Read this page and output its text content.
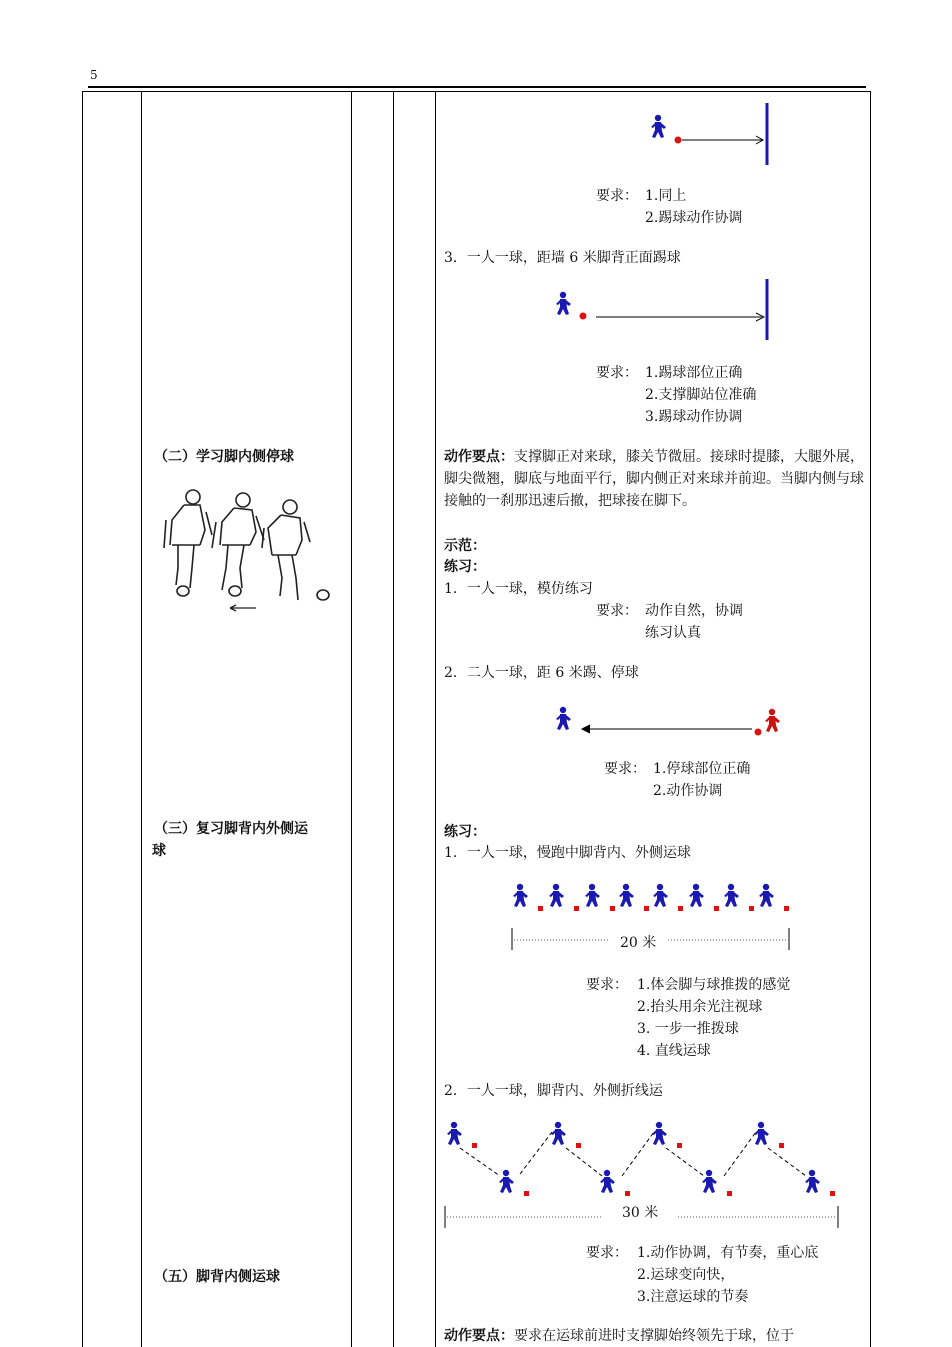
5
（二）学习脚内侧停球
（三）复习脚背内外侧运
球
（五）脚背内侧运球
要求： 1.同上
2.踢球动作协调
3．一人一球，距墙 6 米脚背正面踢球
要求： 1.踢球部位正确
2.支撑脚站位准确
3.踢球动作协调
动作要点：支撑脚正对来球，膝关节微屈。接球时提膝，大腿外展，脚尖微翘，脚底与地面平行，脚内侧正对来球并前迎。当脚内侧与球接触的一刹那迅速后撤，把球接在脚下。
示范：
练习：
1．一人一球，模仿练习
要求： 动作自然，协调
练习认真
2．二人一球，距 6 米踢、停球
要求： 1.停球部位正确
2.动作协调
练习：
1．一人一球，慢跑中脚背内、外侧运球
20 米
要求： 1.体会脚与球推拨的感觉
2.抬头用余光注视球
3. 一步一推拨球
4. 直线运球
2．一人一球，脚背内、外侧折线运
30 米
要求： 1.动作协调，有节奏，重心底
2.运球变向快，
3.注意运球的节奏
动作要点：要求在运球前进时支撑脚始终领先于球，位于
